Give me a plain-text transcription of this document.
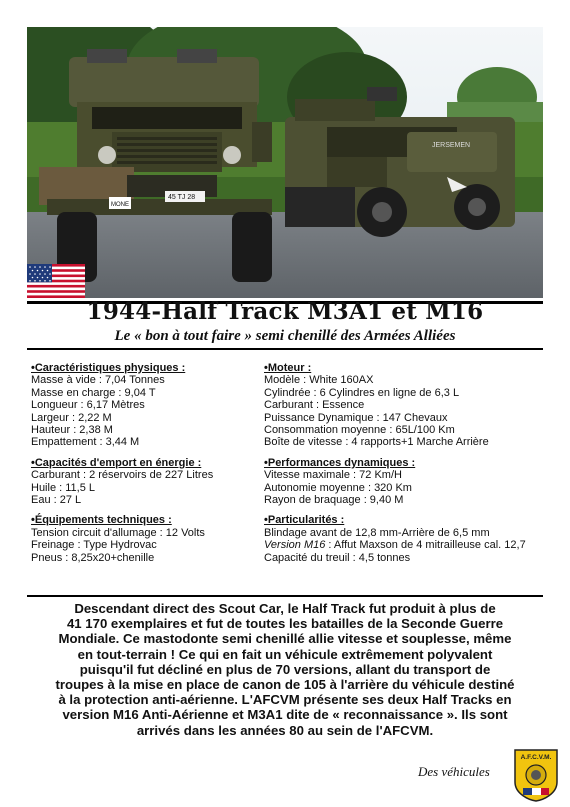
JERSEMEN
45 TJ 28
MONE
1944-Half Track M3A1 et M16
Le « bon à tout faire » semi chenillé des Armées Alliées
•Caractéristiques physiques :
Masse à vide : 7,04 Tonnes
Masse en charge : 9,04 T
Longueur : 6,17 Mètres
Largeur : 2,22 M
Hauteur : 2,38 M
Empattement : 3,44 M
•Capacités d'emport en énergie :
Carburant : 2 réservoirs de 227 Litres
Huile : 11,5 L
Eau : 27 L
•Équipements techniques :
Tension circuit d'allumage : 12 Volts
Freinage : Type Hydrovac
Pneus : 8,25x20+chenille
•Moteur :
Modèle : White 160AX
Cylindrée : 6 Cylindres en ligne de 6,3 L
Carburant : Essence
Puissance Dynamique : 147 Chevaux
Consommation moyenne : 65L/100 Km
Boîte de vitesse : 4 rapports+1 Marche Arrière
•Performances dynamiques :
Vitesse maximale : 72 Km/H
Autonomie moyenne : 320 Km
Rayon de braquage : 9,40 M
•Particularités :
Blindage avant de 12,8 mm-Arrière de 6,5 mm
Version M16 : Affut Maxson de 4 mitrailleuse cal. 12,7
Capacité du treuil : 4,5 tonnes
Descendant direct des Scout Car, le Half Track fut produit à plus de
41 170 exemplaires et fut de toutes les batailles de la Seconde Guerre
Mondiale. Ce mastodonte semi chenillé allie vitesse et souplesse, même
en tout-terrain ! Ce qui en fait un véhicule extrêmement polyvalent
puisqu'il fut décliné en plus de 70 versions, allant du transport de
troupes à la mise en place de canon de 105 à l'arrière du véhicule destiné
à la protection anti-aérienne. L'AFCVM présente ses deux Half Tracks en
version M16 Anti-Aérienne et M3A1 dite de « reconnaissance ». Ils sont
arrivés dans les années 80 au sein de l'AFCVM.
Des véhicules
A.F.C.V.M.
